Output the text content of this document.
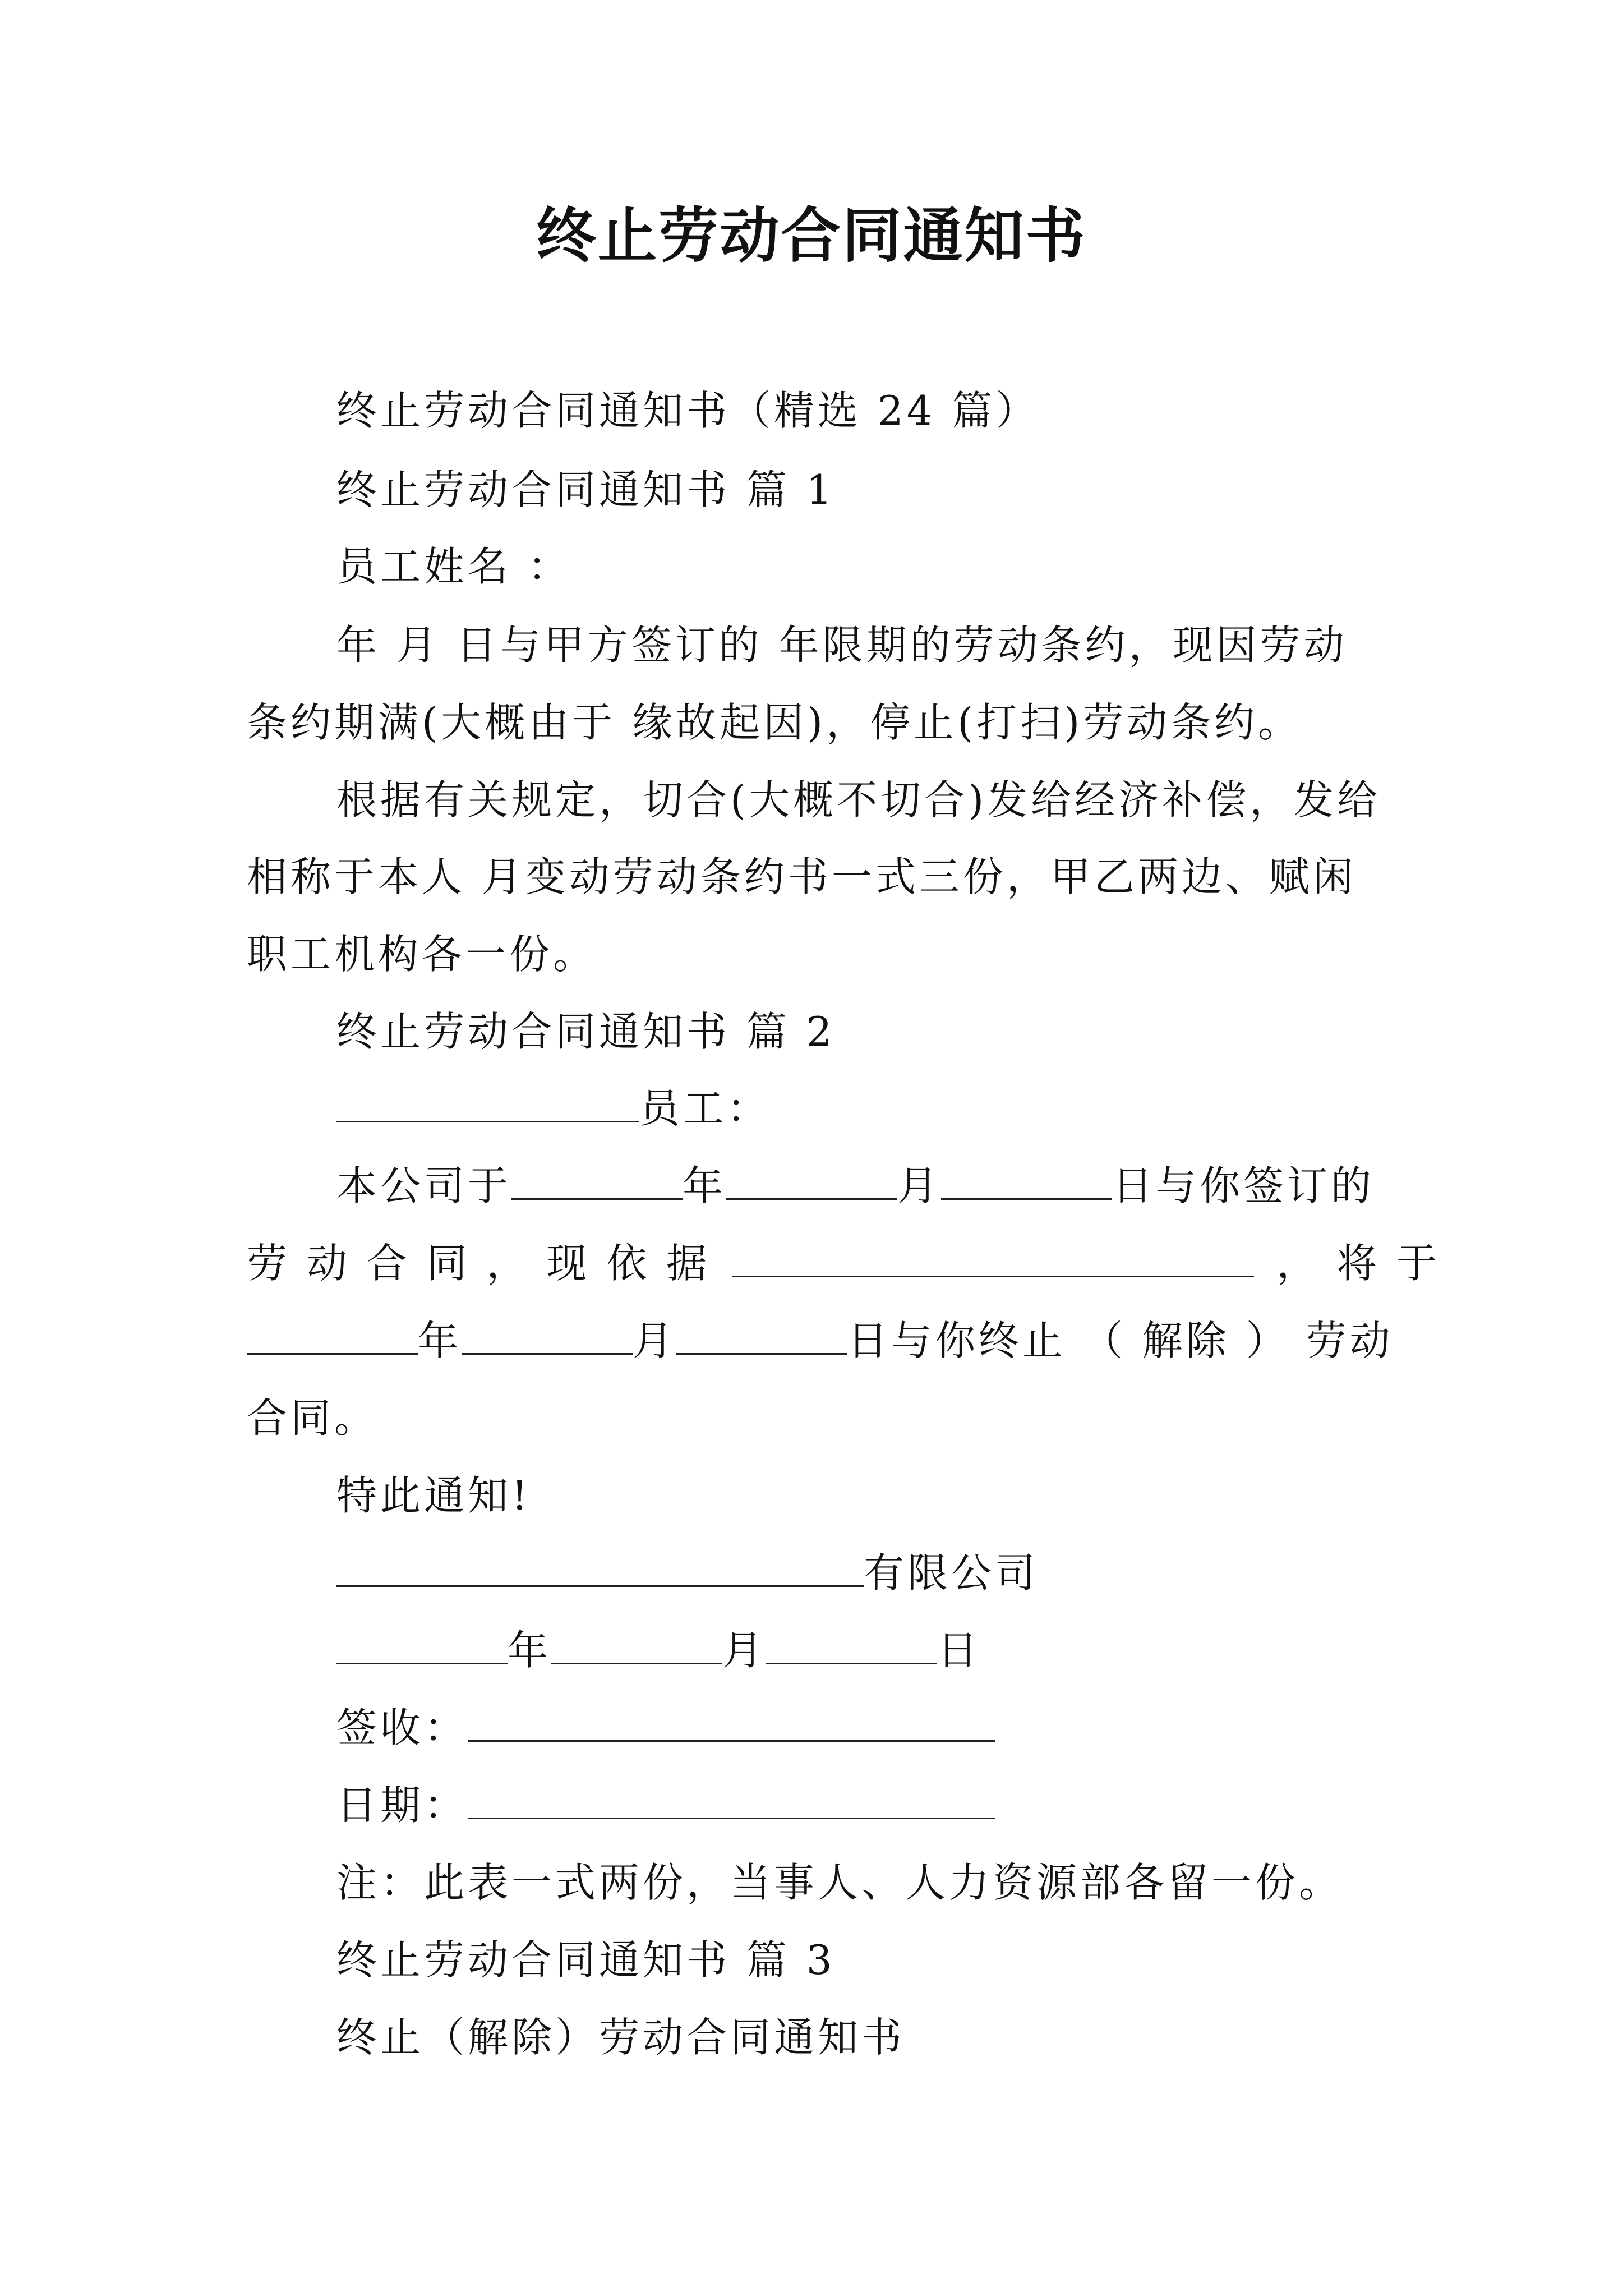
终止劳动合同通知书
终止劳动合同通知书（精选 24 篇）
终止劳动合同通知书 篇 1
员工姓名 ：
年 月 日与甲方签订的 年限期的劳动条约，现因劳动
条约期满(大概由于 缘故起因)，停止(打扫)劳动条约。
根据有关规定，切合(大概不切合)发给经济补偿，发给
相称于本人 月变动劳动条约书一式三份，甲乙两边、赋闲
职工机构各一份。
终止劳动合同通知书 篇 2
员工：
本公司于	年	月	日与你签订的
劳 动 合 同 ， 现 依 据	， 将 于
年	月	日与你终止 （ 解除 ） 劳动
合同。
特此通知!
有限公司
年	月	日
签收：
日期：
注：此表一式两份，当事人、人力资源部各留一份。
终止劳动合同通知书 篇 3
终止（解除）劳动合同通知书
